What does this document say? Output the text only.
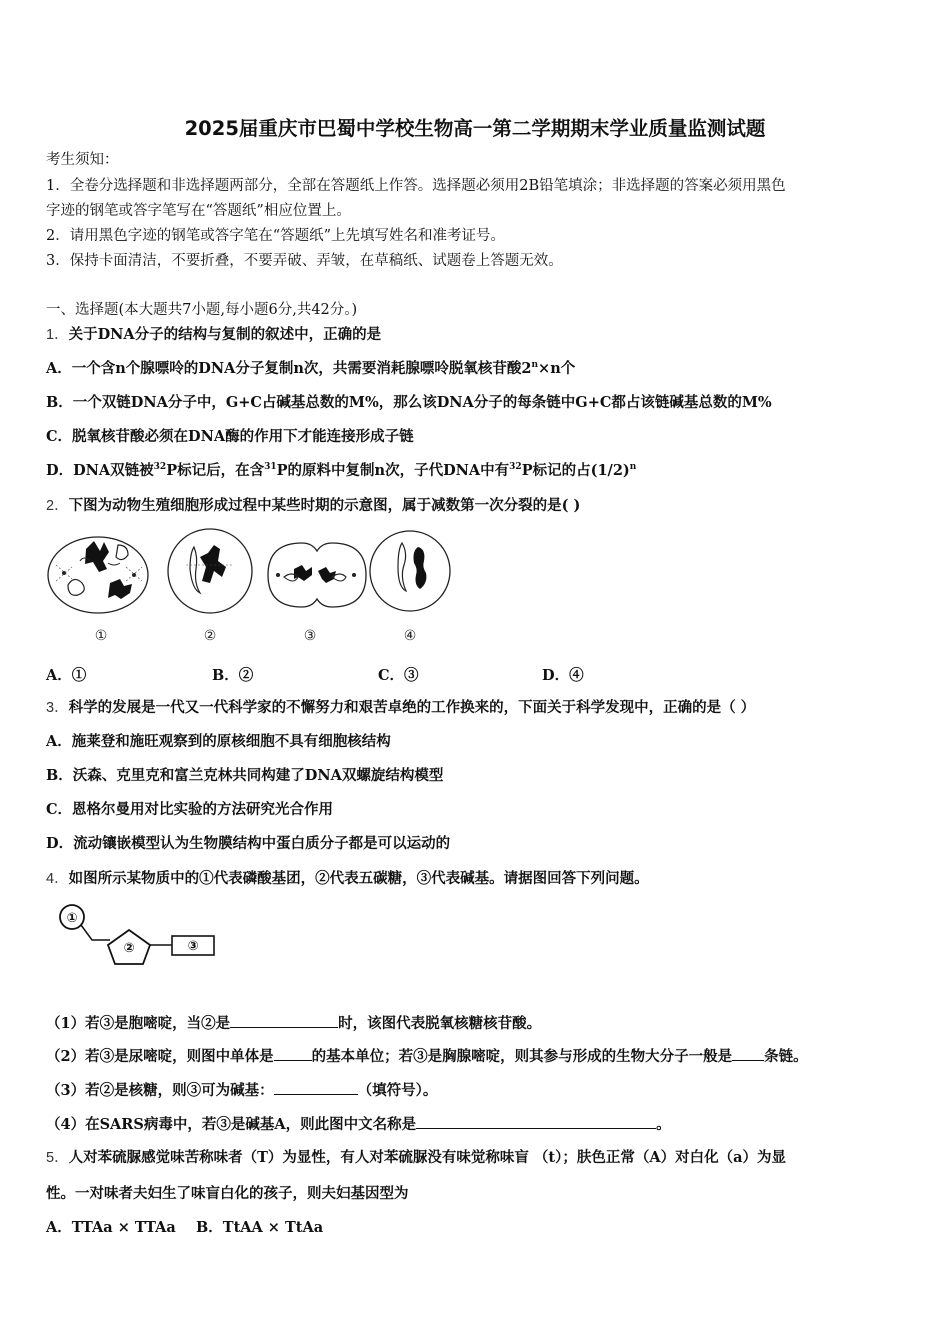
2025届重庆市巴蜀中学校生物高一第二学期期末学业质量监测试题
考生须知：
1．全卷分选择题和非选择题两部分，全部在答题纸上作答。选择题必须用2B铅笔填涂；非选择题的答案必须用黑色
字迹的钢笔或答字笔写在“答题纸”相应位置上。
2．请用黑色字迹的钢笔或答字笔在“答题纸”上先填写姓名和准考证号。
3．保持卡面清洁，不要折叠，不要弄破、弄皱，在草稿纸、试题卷上答题无效。
一、选择题(本大题共7小题,每小题6分,共42分。)
1．关于DNA分子的结构与复制的叙述中，正确的是
A．一个含n个腺嘌呤的DNA分子复制n次，共需要消耗腺嘌呤脱氧核苷酸$2^n\times n$个
B．一个双链DNA分子中，G+C占碱基总数的M%，那么该DNA分子的每条链中G+C都占该链碱基总数的M%
C．脱氧核苷酸必须在DNA酶的作用下才能连接形成子链
D．DNA双链被$^{32}$P标记后，在含$^{31}$P的原料中复制n次，子代DNA中有$^{32}$P标记的占$(1/2)^n$
2．下图为动物生殖细胞形成过程中某些时期的示意图，属于减数第一次分裂的是( )
①	②	③	④
A．①	B．②	C．③	D．④
3．科学的发展是一代又一代科学家的不懈努力和艰苦卓绝的工作换来的，下面关于科学发现中，正确的是（ ）
A．施莱登和施旺观察到的原核细胞不具有细胞核结构
B．沃森、克里克和富兰克林共同构建了DNA双螺旋结构模型
C．恩格尔曼用对比实验的方法研究光合作用
D．流动镶嵌模型认为生物膜结构中蛋白质分子都是可以运动的
4．如图所示某物质中的①代表磷酸基团，②代表五碳糖，③代表碱基。请据图回答下列问题。
①
②	③
（1）若③是胞嘧啶，当②是	时，该图代表脱氧核糖核苷酸。
（2）若③是尿嘧啶，则图中单体是	的基本单位；若③是胸腺嘧啶，则其参与形成的生物大分子一般是 条链。
（3）若②是核糖，则③可为碱基：	（填符号）。
（4）在SARS病毒中，若③是碱基A，则此图中文名称是	。
5．人对苯硫脲感觉味苦称味者（T）为显性，有人对苯硫脲没有味觉称味盲 （t）；肤色正常（A）对白化（a）为显
性。一对味者夫妇生了味盲白化的孩子，则夫妇基因型为
A．TTAa × TTAa    B．TtAA × TtAa
